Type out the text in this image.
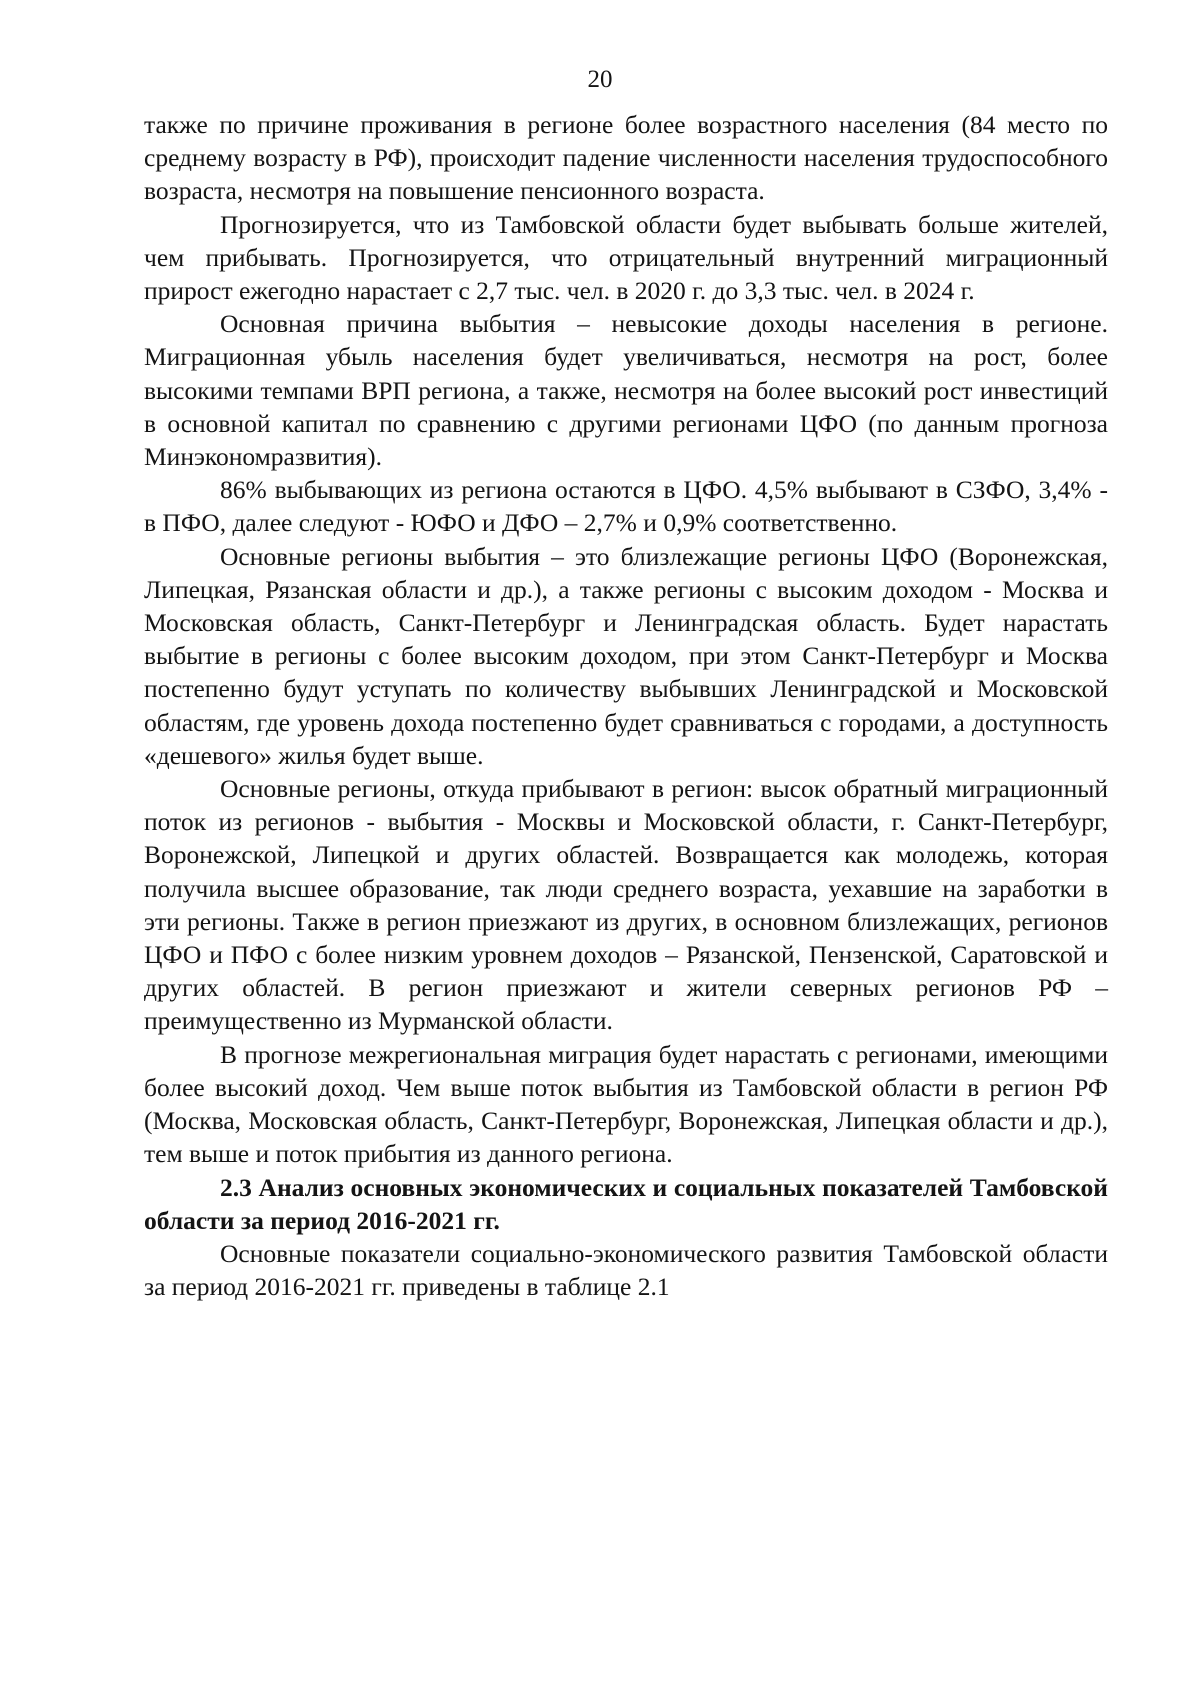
20

также по причине проживания в регионе более возрастного населения (84 место по среднему возрасту в РФ), происходит падение численности населения трудоспособного возраста, несмотря на повышение пенсионного возраста.

Прогнозируется, что из Тамбовской области будет выбывать больше жителей, чем прибывать. Прогнозируется, что отрицательный внутренний миграционный прирост ежегодно нарастает с 2,7 тыс. чел. в 2020 г. до 3,3 тыс. чел. в 2024 г.

Основная причина выбытия – невысокие доходы населения в регионе. Миграционная убыль населения будет увеличиваться, несмотря на рост, более высокими темпами ВРП региона, а также, несмотря на более высокий рост инвестиций в основной капитал по сравнению с другими регионами ЦФО (по данным прогноза Минэкономразвития).

86% выбывающих из региона остаются в ЦФО. 4,5% выбывают в СЗФО, 3,4% - в ПФО, далее следуют - ЮФО и ДФО – 2,7% и 0,9% соответственно.

Основные регионы выбытия – это близлежащие регионы ЦФО (Воронежская, Липецкая, Рязанская области и др.), а также регионы с высоким доходом - Москва и Московская область, Санкт-Петербург и Ленинградская область. Будет нарастать выбытие в регионы с более высоким доходом, при этом Санкт-Петербург и Москва постепенно будут уступать по количеству выбывших Ленинградской и Московской областям, где уровень дохода постепенно будет сравниваться с городами, а доступность «дешевого» жилья будет выше.

Основные регионы, откуда прибывают в регион: высок обратный миграционный поток из регионов - выбытия - Москвы и Московской области, г. Санкт-Петербург, Воронежской, Липецкой и других областей. Возвращается как молодежь, которая получила высшее образование, так люди среднего возраста, уехавшие на заработки в эти регионы. Также в регион приезжают из других, в основном близлежащих, регионов ЦФО и ПФО с более низким уровнем доходов – Рязанской, Пензенской, Саратовской и других областей. В регион приезжают и жители северных регионов РФ – преимущественно из Мурманской области.

В прогнозе межрегиональная миграция будет нарастать с регионами, имеющими более высокий доход. Чем выше поток выбытия из Тамбовской области в регион РФ (Москва, Московская область, Санкт-Петербург, Воронежская, Липецкая области и др.), тем выше и поток прибытия из данного региона.

2.3 Анализ основных экономических и социальных показателей Тамбовской области за период 2016-2021 гг.

Основные показатели социально-экономического развития Тамбовской области за период 2016-2021 гг. приведены в таблице 2.1
